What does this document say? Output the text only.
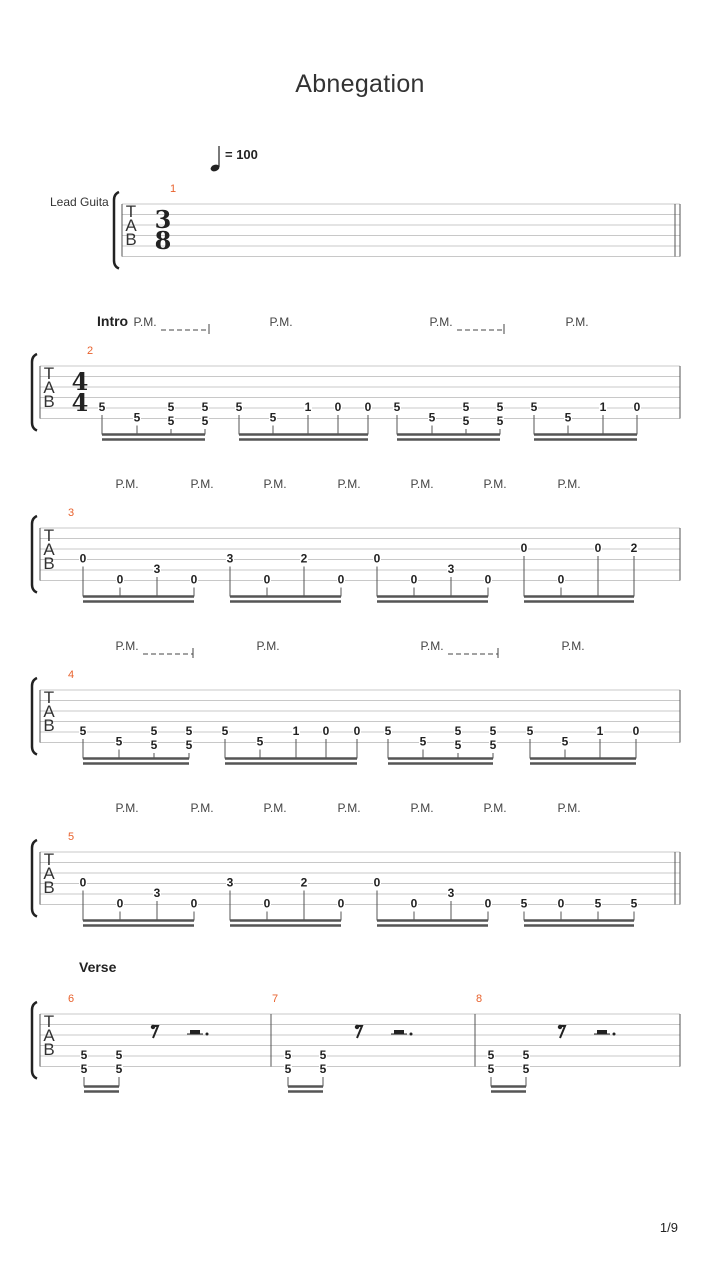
Abnegation
1/9
= 100
Lead Guita T
A
B
1
3
8
T
A
B
2
4
4 5
5
5
5
5
5
5
5
1 0 0 5
5
5
5
5
5
5
5
1 0
P.M.	P.M.	P.M.	P.M.
Intro
T
A
B
4
5
5
5
5
5
5
5
5
1 0 0 5
5
5
5
5
5
5
5
1 0
P.M.	P.M.	P.M.	P.M.
T
A
B
3
0
0
3
0
3
0
2
0
0
0
3
0
0
0
0 2
P.M.	P.M.	P.M.	P.M.	P.M.	P.M.	P.M.
T
A
B
5
0
0
3
0
3
0
2
0
0
0
3
0 5	0	5 5
P.M.	P.M.	P.M.	P.M.	P.M.	P.M.	P.M.
T
A
B
Verse
6
5
5
5
5
7
5
5
5
5
8
5
5
5
5
